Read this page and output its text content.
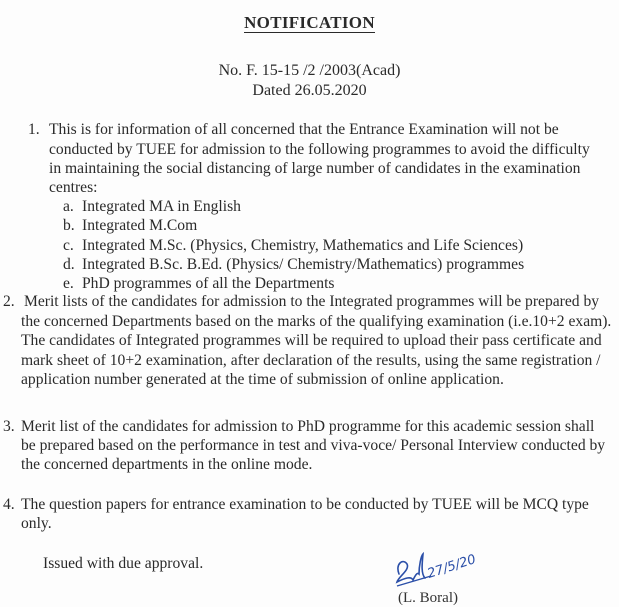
NOTIFICATION
No. F. 15-15 /2 /2003(Acad)
Dated 26.05.2020
1. This is for information of all concerned that the Entrance Examination will not be
conducted by TUEE for admission to the following programmes to avoid the difficulty
in maintaining the social distancing of large number of candidates in the examination
centres:
a. Integrated MA in English
b. Integrated M.Com
c. Integrated M.Sc. (Physics, Chemistry, Mathematics and Life Sciences)
d. Integrated B.Sc. B.Ed. (Physics/ Chemistry/Mathematics) programmes
e. PhD programmes of all the Departments
2. Merit lists of the candidates for admission to the Integrated programmes will be prepared by
the concerned Departments based on the marks of the qualifying examination (i.e.10+2 exam).
The candidates of Integrated programmes will be required to upload their pass certificate and
mark sheet of 10+2 examination, after declaration of the results, using the same registration /
application number generated at the time of submission of online application.
3. Merit list of the candidates for admission to PhD programme for this academic session shall
be prepared based on the performance in test and viva-voce/ Personal Interview conducted by
the concerned departments in the online mode.
4. The question papers for entrance examination to be conducted by TUEE will be MCQ type
only.
Issued with due approval.	27/5/20
(L. Boral)
